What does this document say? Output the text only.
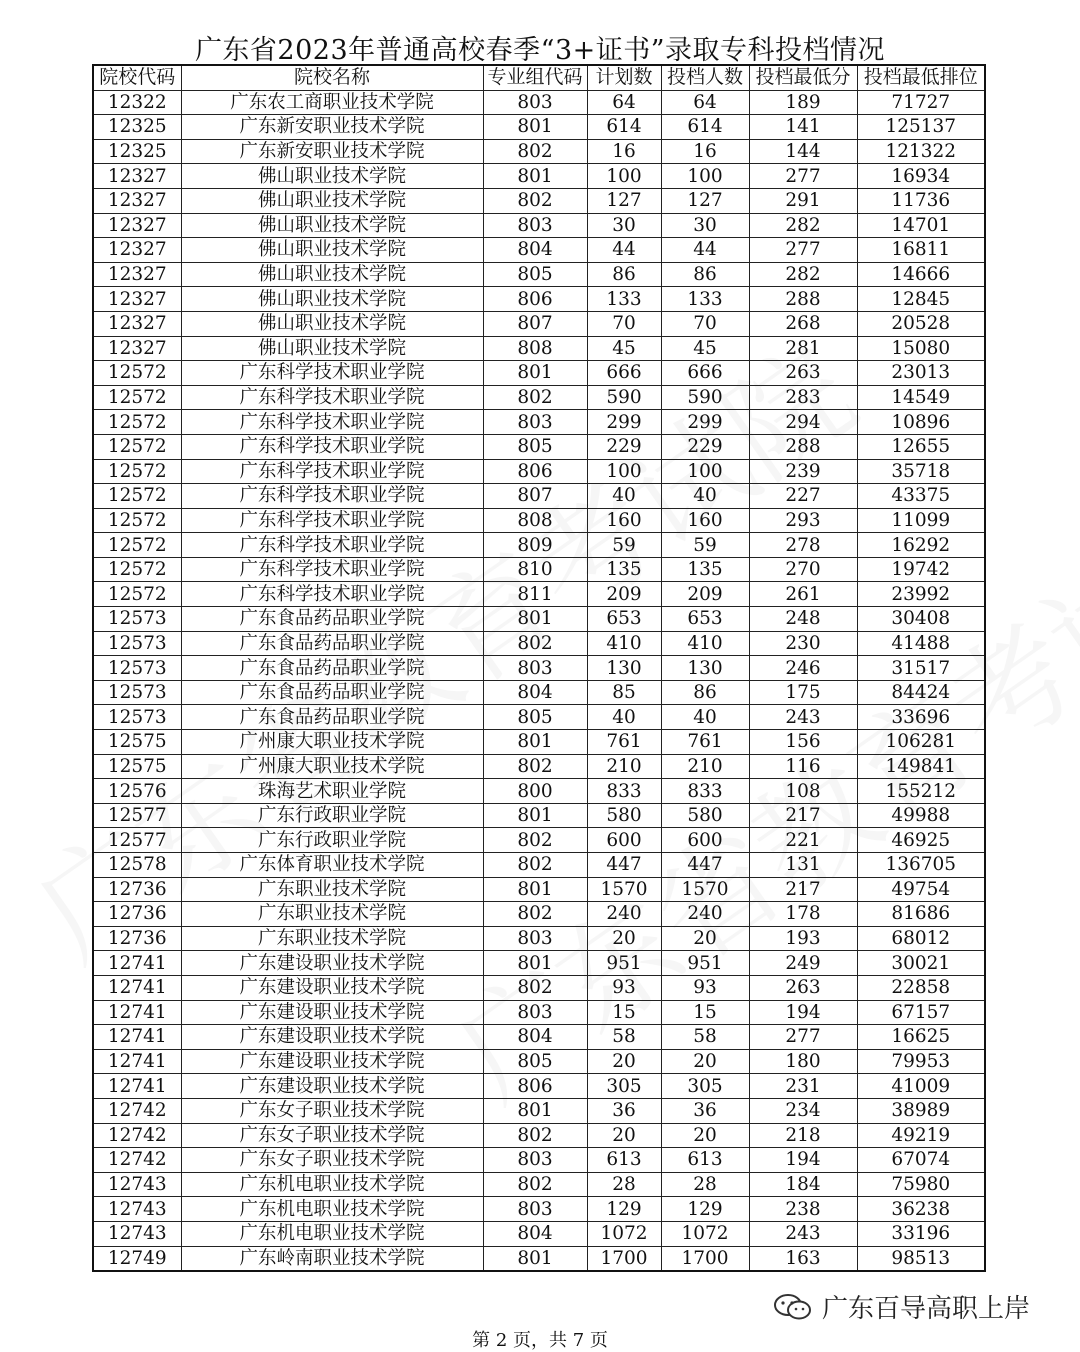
广东省2023年普通高校春季“3+证书”录取专科投档情况
院校代码	院校名称	专业组代码	计划数	投档人数	投档最低分	投档最低排位
12322	广东农工商职业技术学院	803	64	64	189	71727
12325	广东新安职业技术学院	801	614	614	141	125137
12325	广东新安职业技术学院	802	16	16	144	121322
12327	佛山职业技术学院	801	100	100	277	16934
12327	佛山职业技术学院	802	127	127	291	11736
12327	佛山职业技术学院	803	30	30	282	14701
12327	佛山职业技术学院	804	44	44	277	16811
12327	佛山职业技术学院	805	86	86	282	14666
12327	佛山职业技术学院	806	133	133	288	12845
12327	佛山职业技术学院	807	70	70	268	20528
12327	佛山职业技术学院	808	45	45	281	15080
12572	广东科学技术职业学院	801	666	666	263	23013
12572	广东科学技术职业学院	802	590	590	283	14549
12572	广东科学技术职业学院	803	299	299	294	10896
12572	广东科学技术职业学院	805	229	229	288	12655
12572	广东科学技术职业学院	806	100	100	239	35718
12572	广东科学技术职业学院	807	40	40	227	43375
12572	广东科学技术职业学院	808	160	160	293	11099
12572	广东科学技术职业学院	809	59	59	278	16292
12572	广东科学技术职业学院	810	135	135	270	19742
12572	广东科学技术职业学院	811	209	209	261	23992
12573	广东食品药品职业学院	801	653	653	248	30408
12573	广东食品药品职业学院	802	410	410	230	41488
12573	广东食品药品职业学院	803	130	130	246	31517
12573	广东食品药品职业学院	804	85	86	175	84424
12573	广东食品药品职业学院	805	40	40	243	33696
12575	广州康大职业技术学院	801	761	761	156	106281
12575	广州康大职业技术学院	802	210	210	116	149841
12576	珠海艺术职业学院	800	833	833	108	155212
12577	广东行政职业学院	801	580	580	217	49988
12577	广东行政职业学院	802	600	600	221	46925
12578	广东体育职业技术学院	802	447	447	131	136705
12736	广东职业技术学院	801	1570	1570	217	49754
12736	广东职业技术学院	802	240	240	178	81686
12736	广东职业技术学院	803	20	20	193	68012
12741	广东建设职业技术学院	801	951	951	249	30021
12741	广东建设职业技术学院	802	93	93	263	22858
12741	广东建设职业技术学院	803	15	15	194	67157
12741	广东建设职业技术学院	804	58	58	277	16625
12741	广东建设职业技术学院	805	20	20	180	79953
12741	广东建设职业技术学院	806	305	305	231	41009
12742	广东女子职业技术学院	801	36	36	234	38989
12742	广东女子职业技术学院	802	20	20	218	49219
12742	广东女子职业技术学院	803	613	613	194	67074
12743	广东机电职业技术学院	802	28	28	184	75980
12743	广东机电职业技术学院	803	129	129	238	36238
12743	广东机电职业技术学院	804	1072	1072	243	33196
12749	广东岭南职业技术学院	801	1700	1700	163	98513
广东百导高职上岸
第 2 页，共 7 页
